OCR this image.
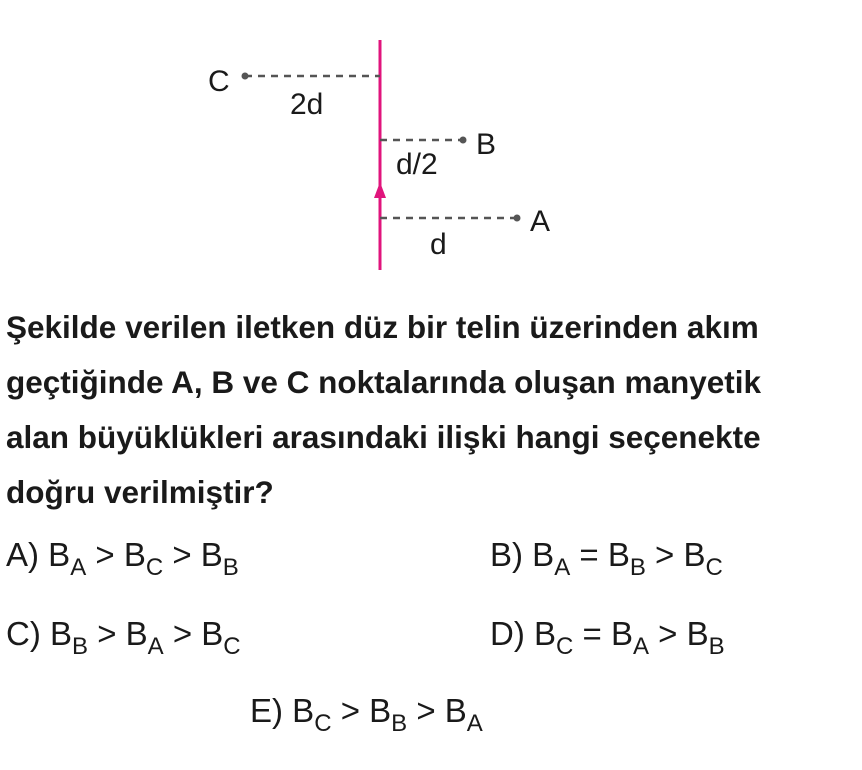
C
2d
B
d/2
A
d
Şekilde verilen iletken düz bir telin üzerinden akım
geçtiğinde A, B ve C noktalarında oluşan manyetik
alan büyüklükleri arasındaki ilişki hangi seçenekte
doğru verilmiştir?
A) $B_A > B_C > B_B$	B) $B_A = B_B > B_C$
C) $B_B > B_A > B_C$	D) $B_C = B_A > B_B$
E) $B_C > B_B > B_A$
